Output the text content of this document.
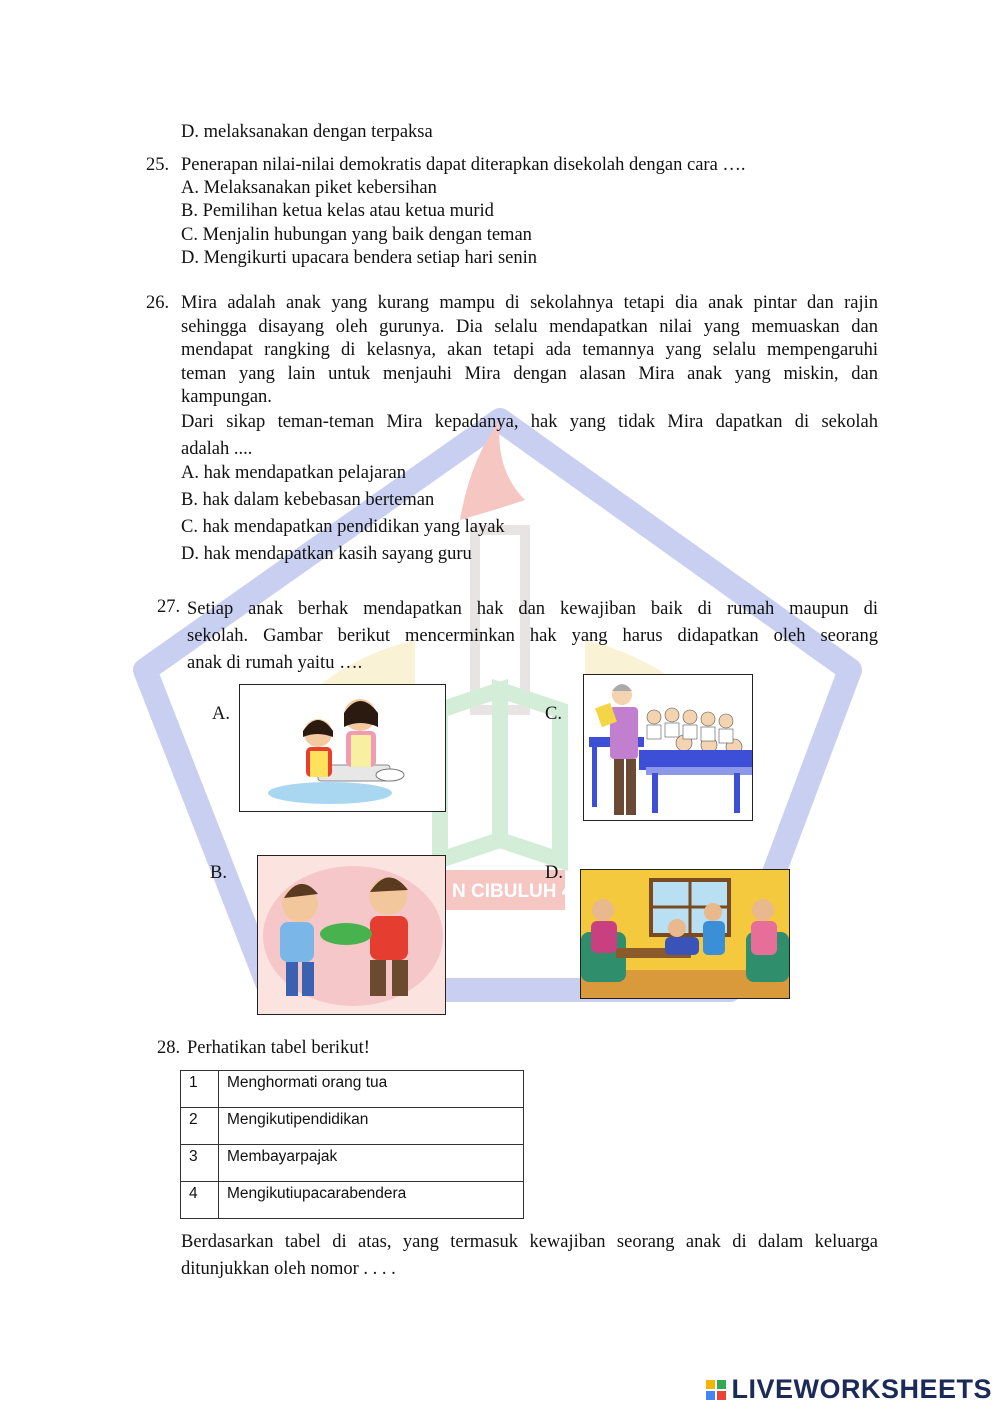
N CIBULUH 4
D. melaksanakan dengan terpaksa
25. Penerapan nilai-nilai demokratis dapat diterapkan disekolah dengan cara ….
A. Melaksanakan piket kebersihan
B. Pemilihan ketua kelas atau ketua murid
C. Menjalin hubungan yang baik dengan teman
D. Mengikurti upacara bendera setiap hari senin
26. Mira adalah anak yang kurang mampu di sekolahnya tetapi dia anak pintar dan rajin
sehingga disayang oleh gurunya. Dia selalu mendapatkan nilai yang memuaskan dan
mendapat rangking di kelasnya, akan tetapi ada temannya yang selalu mempengaruhi
teman yang lain untuk menjauhi Mira dengan alasan Mira anak yang miskin, dan
kampungan.
Dari sikap teman-teman Mira kepadanya, hak yang tidak Mira dapatkan di sekolah
adalah ....
A. hak mendapatkan pelajaran
B. hak dalam kebebasan berteman
C. hak mendapatkan pendidikan yang layak
D. hak mendapatkan kasih sayang guru
27. Setiap anak berhak mendapatkan hak dan kewajiban baik di rumah maupun di
sekolah. Gambar berikut mencerminkan hak yang harus didapatkan oleh seorang
anak di rumah yaitu ….
A.	C.
B.	D.
28. Perhatikan tabel berikut!
1	Menghormati orang tua
2	Mengikutipendidikan
3	Membayarpajak
4	Mengikutiupacarabendera
Berdasarkan tabel di atas, yang termasuk kewajiban seorang anak di dalam keluarga
ditunjukkan oleh nomor . . . .
LIVEWORKSHEETS
